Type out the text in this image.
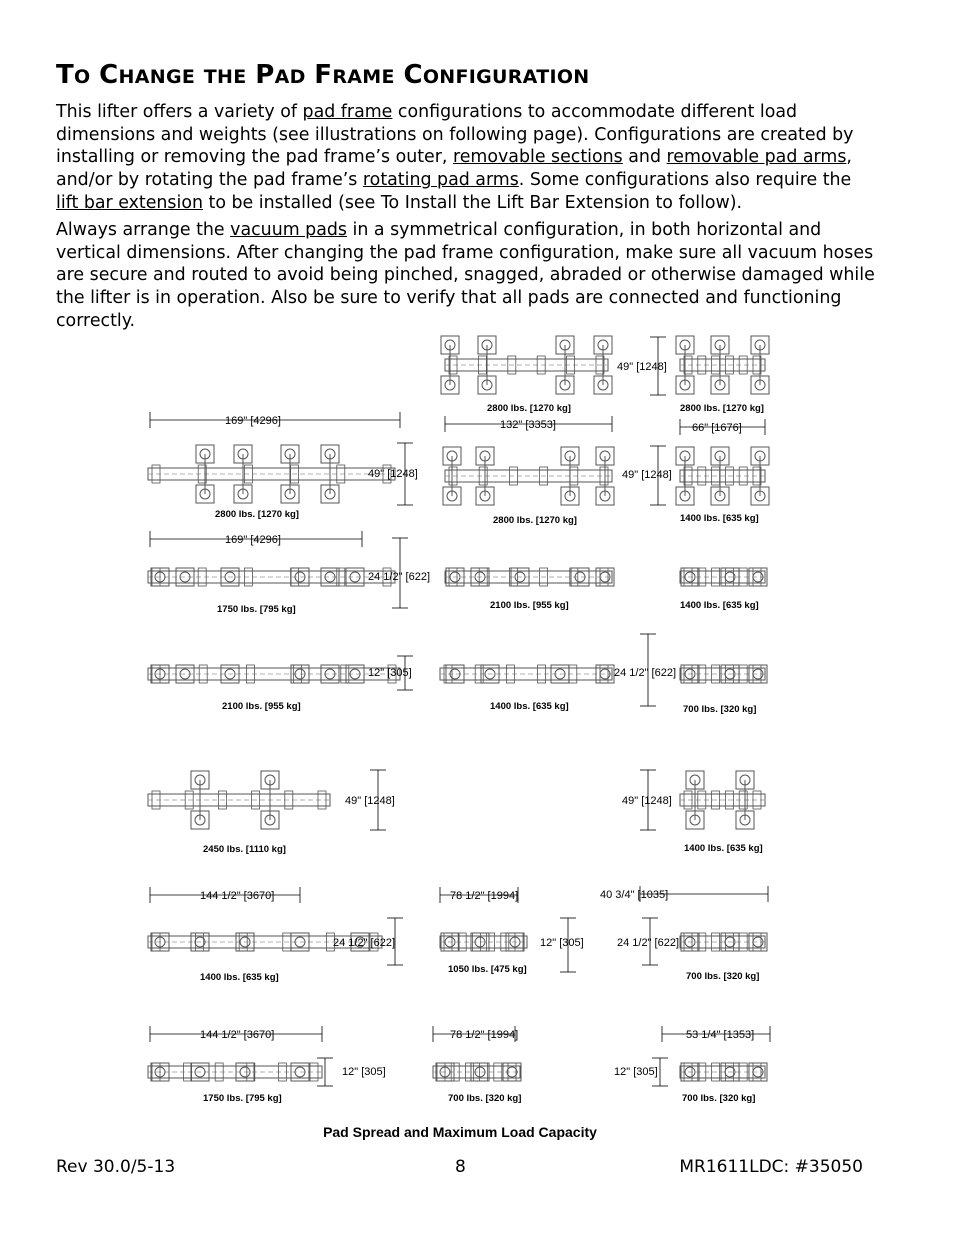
TO CHANGE THE PAD FRAME CONFIGURATION
This lifter offers a variety of pad frame configurations to accommodate different load dimensions and weights (see illustrations on following page). Configurations are created by installing or removing the pad frame’s outer, removable sections and removable pad arms, and/or by rotating the pad frame’s rotating pad arms. Some configurations also require the lift bar extension to be installed (see To Install the Lift Bar Extension to follow).
Always arrange the vacuum pads in a symmetrical configuration, in both horizontal and vertical dimensions. After changing the pad frame configuration, make sure all vacuum hoses are secure and routed to avoid being pinched, snagged, abraded or otherwise damaged while the lifter is in operation. Also be sure to verify that all pads are connected and functioning correctly.
49" [1248]
2800 lbs. [1270 kg]	2800 lbs. [1270 kg]
169" [4296]
49" [1248]
2800 lbs. [1270 kg]
132" [3353]
49" [1248]
2800 lbs. [1270 kg]
66" [1676]
1400 lbs. [635 kg]
169" [4296]
24 1/2" [622]
1750 lbs. [795 kg]	2100 lbs. [955 kg]	1400 lbs. [635 kg]
12" [305]
2100 lbs. [955 kg]
24 1/2" [622]
1400 lbs. [635 kg]	700 lbs. [320 kg]
49" [1248]
2450 lbs. [1110 kg]
49" [1248]
1400 lbs. [635 kg]
144 1/2" [3670]
24 1/2" [622]
1400 lbs. [635 kg]
78 1/2" [1994]
12" [305]
1050 lbs. [475 kg]
40 3/4" [1035]
24 1/2" [622]
700 lbs. [320 kg]
144 1/2" [3670]
12" [305]
1750 lbs. [795 kg]
78 1/2" [1994]
700 lbs. [320 kg]
53 1/4" [1353]
12" [305]
700 lbs. [320 kg]
Pad Spread and Maximum Load Capacity
Rev 30.0/5-13	8	MR1611LDC: #35050
